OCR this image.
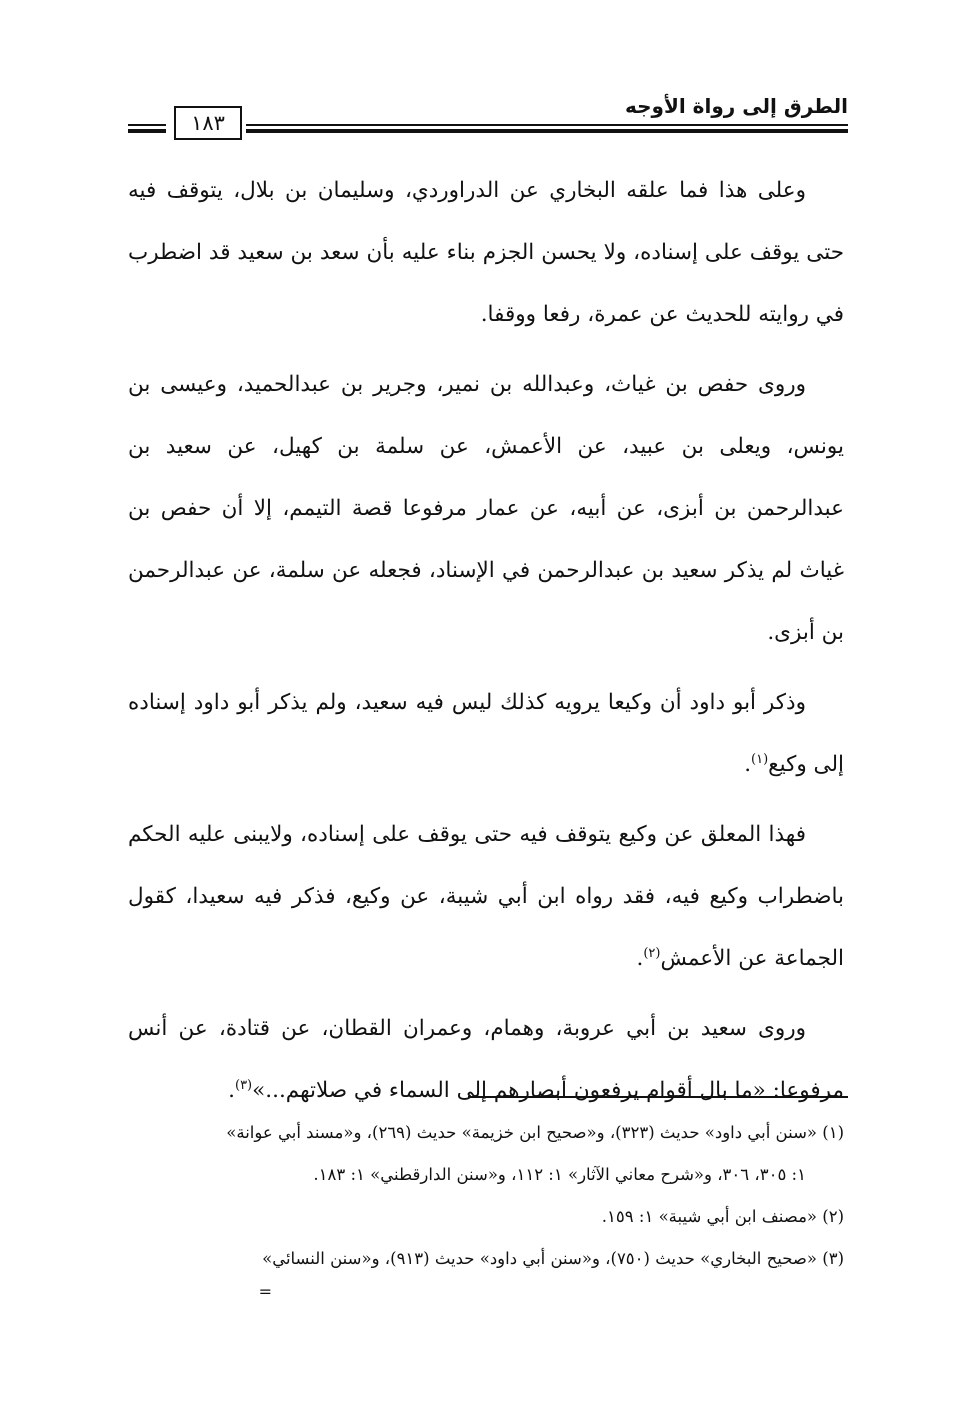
الطرق إلى رواة الأوجه
١٨٣

وعلى هذا فما علقه البخاري عن الدراوردي، وسليمان بن بلال، يتوقف فيه حتى يوقف على إسناده، ولا يحسن الجزم بناء عليه بأن سعد بن سعيد قد اضطرب في روايته للحديث عن عمرة، رفعا ووقفا.

وروى حفص بن غياث، وعبدالله بن نمير، وجرير بن عبدالحميد، وعيسى بن يونس، ويعلى بن عبيد، عن الأعمش، عن سلمة بن كهيل، عن سعيد بن عبدالرحمن بن أبزى، عن أبيه، عن عمار مرفوعا قصة التيمم، إلا أن حفص بن غياث لم يذكر سعيد بن عبدالرحمن في الإسناد، فجعله عن سلمة، عن عبدالرحمن بن أبزى.

وذكر أبو داود أن وكيعا يرويه كذلك ليس فيه سعيد، ولم يذكر أبو داود إسناده إلى وكيع$^{(١)}$.

فهذا المعلق عن وكيع يتوقف فيه حتى يوقف على إسناده، ولايبنى عليه الحكم باضطراب وكيع فيه، فقد رواه ابن أبي شيبة، عن وكيع، فذكر فيه سعيدا، كقول الجماعة عن الأعمش$^{(٢)}$.

وروى سعيد بن أبي عروبة، وهمام، وعمران القطان، عن قتادة، عن أنس مرفوعا: «ما بال أقوام يرفعون أبصارهم إلى السماء في صلاتهم...»$^{(٣)}$.

(١) «سنن أبي داود» حديث (٣٢٣)، و«صحيح ابن خزيمة» حديث (٢٦٩)، و«مسند أبي عوانة»

١: ٣٠٥، ٣٠٦، و«شرح معاني الآثار» ١: ١١٢، و«سنن الدارقطني» ١: ١٨٣.

(٢) «مصنف ابن أبي شيبة» ١: ١٥٩.

(٣) «صحيح البخاري» حديث (٧٥٠)، و«سنن أبي داود» حديث (٩١٣)، و«سنن النسائي»

=
